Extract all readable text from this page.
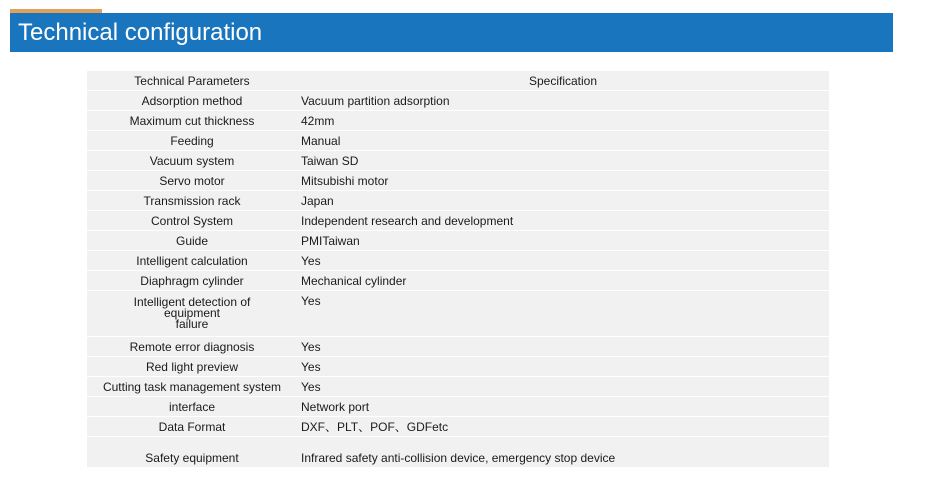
Technical configuration
Technical Parameters	Specification
Adsorption method	Vacuum partition adsorption
Maximum cut thickness	42mm
Feeding	Manual
Vacuum system	Taiwan SD
Servo motor	Mitsubishi motor
Transmission rack	Japan
Control System	Independent research and development
Guide	PMITaiwan
Intelligent calculation	Yes
Diaphragm cylinder	Mechanical cylinder
Intelligent detection of
equipment
failure	Yes
Remote error diagnosis	Yes
Red light preview	Yes
Cutting task management system	Yes
interface	Network port
Data Format	DXF、PLT、POF、GDFetc
Safety equipment	Infrared safety anti-collision device, emergency stop device
